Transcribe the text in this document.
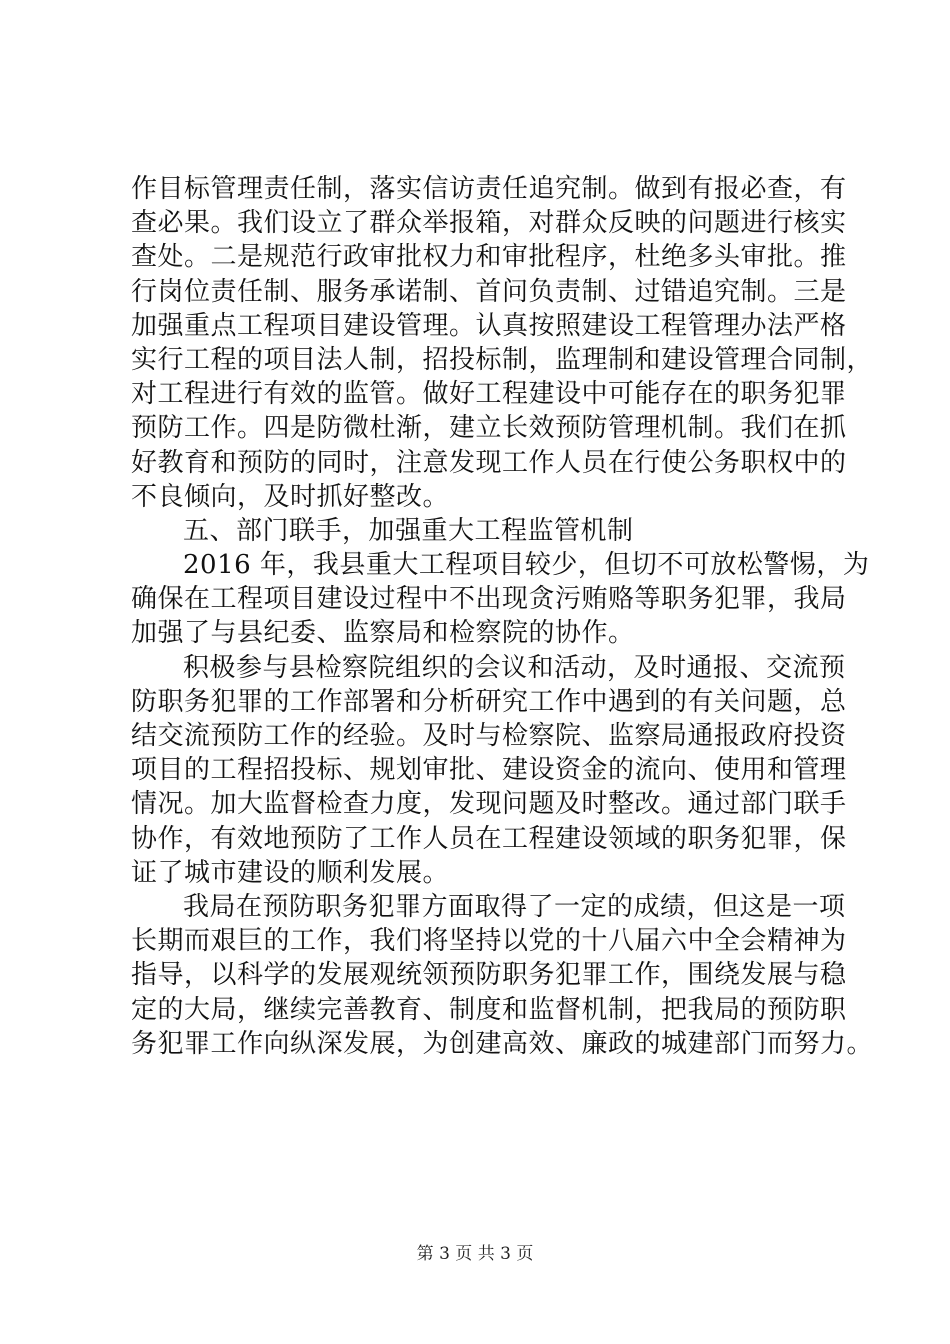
作目标管理责任制，落实信访责任追究制。做到有报必查，有
查必果。我们设立了群众举报箱，对群众反映的问题进行核实
查处。二是规范行政审批权力和审批程序，杜绝多头审批。推
行岗位责任制、服务承诺制、首问负责制、过错追究制。三是
加强重点工程项目建设管理。认真按照建设工程管理办法严格
实行工程的项目法人制，招投标制，监理制和建设管理合同制，
对工程进行有效的监管。做好工程建设中可能存在的职务犯罪
预防工作。四是防微杜渐，建立长效预防管理机制。我们在抓
好教育和预防的同时，注意发现工作人员在行使公务职权中的
不良倾向，及时抓好整改。
五、部门联手，加强重大工程监管机制
2016 年，我县重大工程项目较少，但切不可放松警惕，为
确保在工程项目建设过程中不出现贪污贿赂等职务犯罪，我局
加强了与县纪委、监察局和检察院的协作。
积极参与县检察院组织的会议和活动，及时通报、交流预
防职务犯罪的工作部署和分析研究工作中遇到的有关问题，总
结交流预防工作的经验。及时与检察院、监察局通报政府投资
项目的工程招投标、规划审批、建设资金的流向、使用和管理
情况。加大监督检查力度，发现问题及时整改。通过部门联手
协作，有效地预防了工作人员在工程建设领域的职务犯罪，保
证了城市建设的顺利发展。
我局在预防职务犯罪方面取得了一定的成绩，但这是一项
长期而艰巨的工作，我们将坚持以党的十八届六中全会精神为
指导，以科学的发展观统领预防职务犯罪工作，围绕发展与稳
定的大局，继续完善教育、制度和监督机制，把我局的预防职
务犯罪工作向纵深发展，为创建高效、廉政的城建部门而努力。
第 3 页 共 3 页
